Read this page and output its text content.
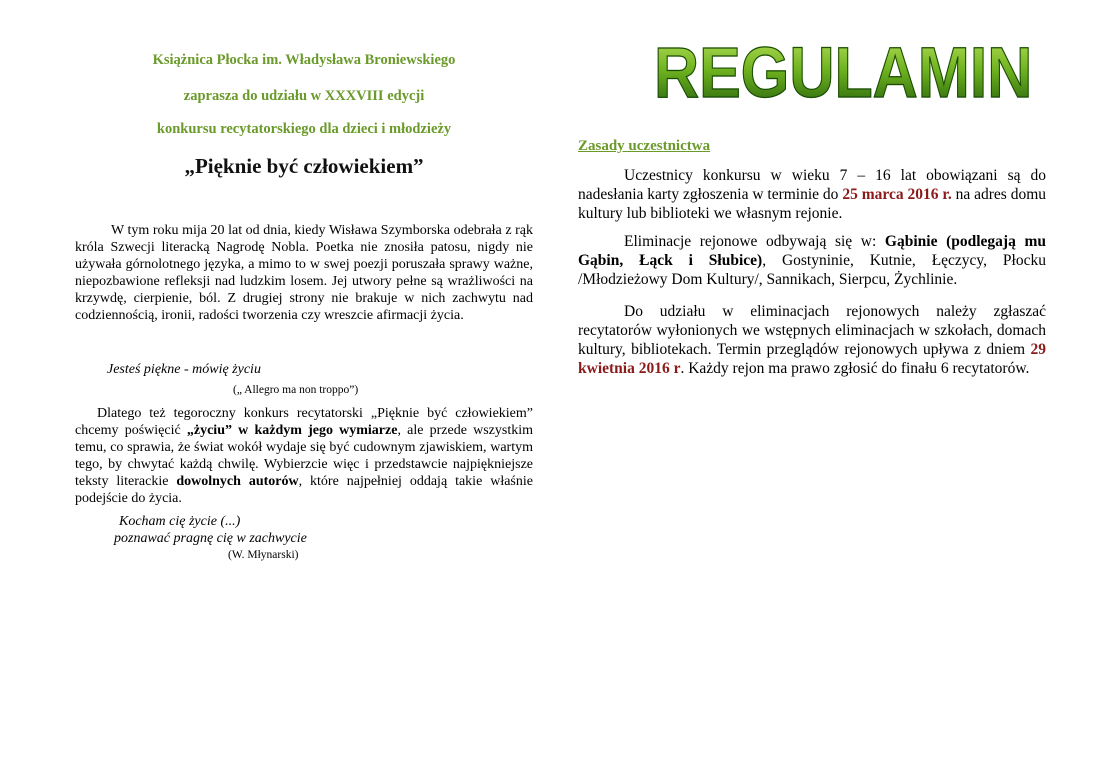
Książnica Płocka im. Władysława Broniewskiego
zaprasza do udziału w XXXVIII edycji
konkursu recytatorskiego dla dzieci i młodzieży
„Pięknie być człowiekiem”
W tym roku mija 20 lat od dnia, kiedy Wisława Szymborska odebrała z rąk króla Szwecji literacką Nagrodę Nobla. Poetka nie znosiła patosu, nigdy nie używała górnolotnego języka, a mimo to w swej poezji poruszała sprawy ważne, niepozbawione refleksji nad ludzkim losem. Jej utwory pełne są wrażliwości na krzywdę, cierpienie, ból. Z drugiej strony nie brakuje w nich zachwytu nad codziennością, ironii, radości tworzenia czy wreszcie afirmacji życia.
Jesteś piękne - mówię życiu
(„ Allegro ma non troppo”)
Dlatego też tegoroczny konkurs recytatorski „Pięknie być człowiekiem” chcemy poświęcić „życiu” w każdym jego wymiarze, ale przede wszystkim temu, co sprawia, że świat wokół wydaje się być cudownym zjawiskiem, wartym tego, by chwytać każdą chwilę. Wybierzcie więc i przedstawcie najpiękniejsze teksty literackie dowolnych autorów, które najpełniej oddają takie właśnie podejście do życia.
Kocham cię życie (...)
poznawać pragnę cię w zachwycie
(W. Młynarski)
REGULAMIN
Zasady uczestnictwa
Uczestnicy konkursu w wieku 7 – 16 lat obowiązani są do nadesłania karty zgłoszenia w terminie do 25 marca 2016 r. na adres domu kultury lub biblioteki we własnym rejonie.
Eliminacje rejonowe odbywają się w: Gąbinie (podlegają mu Gąbin, Łąck i Słubice), Gostyninie, Kutnie, Łęczycy, Płocku /Młodzieżowy Dom Kultury/, Sannikach, Sierpcu, Żychlinie.
Do udziału w eliminacjach rejonowych należy zgłaszać recytatorów wyłonionych we wstępnych eliminacjach w szkołach, domach kultury, bibliotekach. Termin przeglądów rejonowych upływa z dniem 29 kwietnia 2016 r. Każdy rejon ma prawo zgłosić do finału 6 recytatorów.
